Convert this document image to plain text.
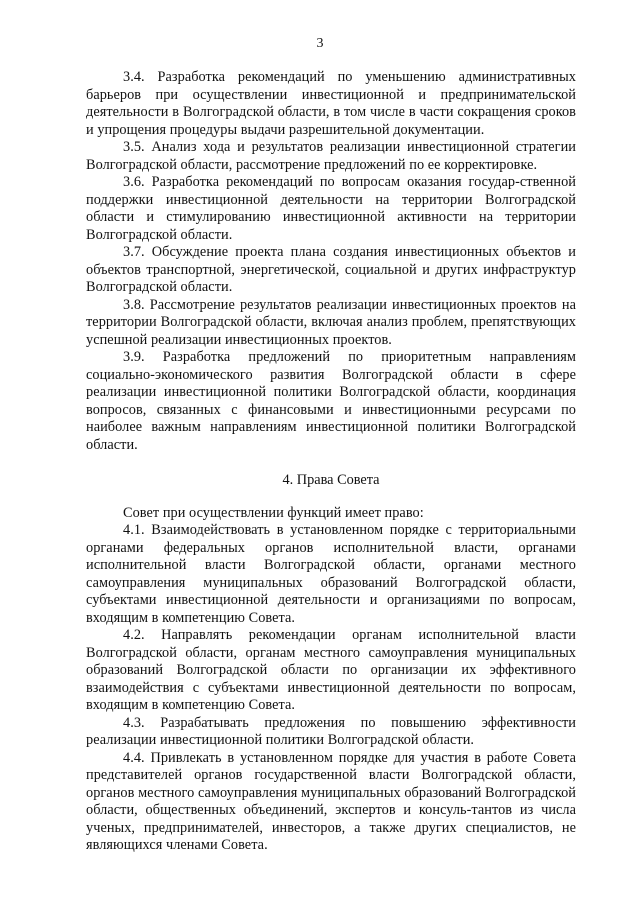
3

3.4. Разработка рекомендаций по уменьшению административных барьеров при осуществлении инвестиционной и предпринимательской деятельности в Волгоградской области, в том числе в части сокращения сроков и упрощения процедуры выдачи разрешительной документации.

3.5. Анализ хода и результатов реализации инвестиционной стратегии Волгоградской области, рассмотрение предложений по ее корректировке.

3.6. Разработка рекомендаций по вопросам оказания государ-ственной поддержки инвестиционной деятельности на территории Волгоградской области и стимулированию инвестиционной активности на территории Волгоградской области.

3.7. Обсуждение проекта плана создания инвестиционных объектов и объектов транспортной, энергетической, социальной и других инфраструктур Волгоградской области.

3.8. Рассмотрение результатов реализации инвестиционных проектов на территории Волгоградской области, включая анализ проблем, препятствующих успешной реализации инвестиционных проектов.

3.9. Разработка предложений по приоритетным направлениям социально-экономического развития Волгоградской области в сфере реализации инвестиционной политики Волгоградской области, координация вопросов, связанных с финансовыми и инвестиционными ресурсами по наиболее важным направлениям инвестиционной политики Волгоградской области.

4. Права Совета

Совет при осуществлении функций имеет право:

4.1. Взаимодействовать в установленном порядке с территориальными органами федеральных органов исполнительной власти, органами исполнительной власти Волгоградской области, органами местного самоуправления муниципальных образований Волгоградской области, субъектами инвестиционной деятельности и организациями по вопросам, входящим в компетенцию Совета.

4.2. Направлять рекомендации органам исполнительной власти Волгоградской области, органам местного самоуправления муниципальных образований Волгоградской области по организации их эффективного взаимодействия с субъектами инвестиционной деятельности по вопросам, входящим в компетенцию Совета.

4.3. Разрабатывать предложения по повышению эффективности реализации инвестиционной политики Волгоградской области.

4.4. Привлекать в установленном порядке для участия в работе Совета представителей органов государственной власти Волгоградской области, органов местного самоуправления муниципальных образований Волгоградской области, общественных объединений, экспертов и консуль-тантов из числа ученых, предпринимателей, инвесторов, а также других специалистов, не являющихся членами Совета.
